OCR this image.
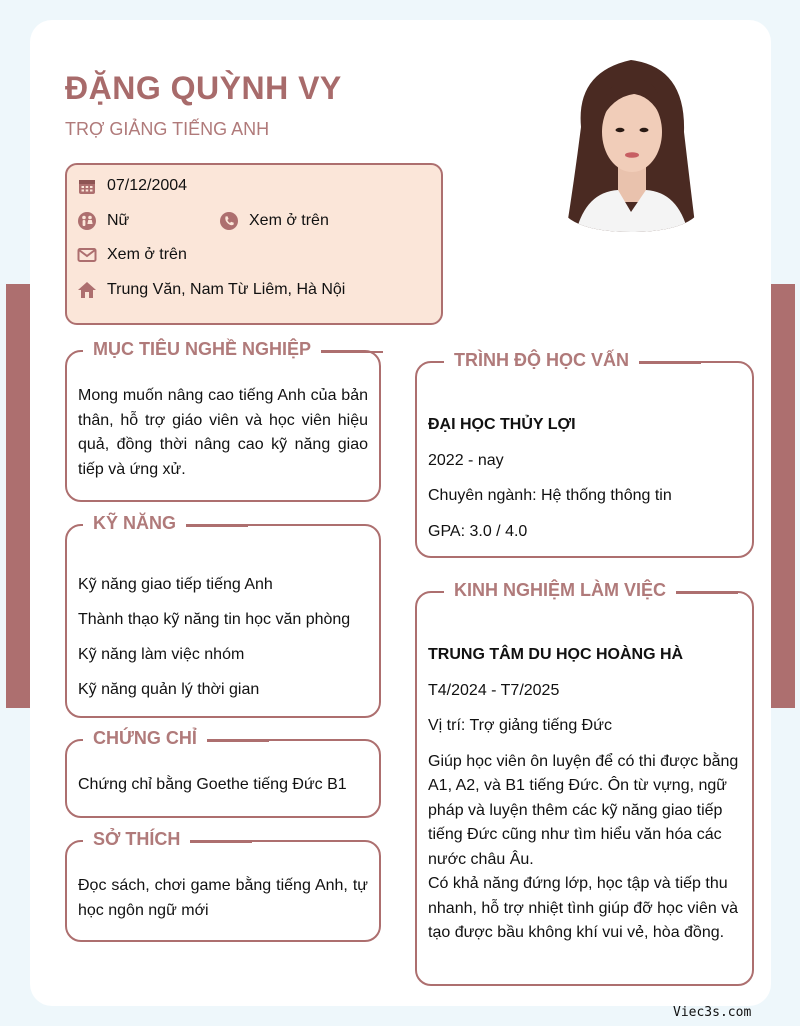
ĐẶNG QUỲNH VY
TRỢ GIẢNG TIẾNG ANH
07/12/2004
Nữ	Xem ở trên
Xem ở trên
Trung Văn, Nam Từ Liêm, Hà Nội
MỤC TIÊU NGHỀ NGHIỆP
Mong muốn nâng cao tiếng Anh của bản thân, hỗ trợ giáo viên và học viên hiệu quả, đồng thời nâng cao kỹ năng giao tiếp và ứng xử.
KỸ NĂNG
Kỹ năng giao tiếp tiếng Anh
Thành thạo kỹ năng tin học văn phòng
Kỹ năng làm việc nhóm
Kỹ năng quản lý thời gian
CHỨNG CHỈ
Chứng chỉ bằng Goethe tiếng Đức B1
SỞ THÍCH
Đọc sách, chơi game bằng tiếng Anh, tự học ngôn ngữ mới
TRÌNH ĐỘ HỌC VẤN
ĐẠI HỌC THỦY LỢI
2022 - nay
Chuyên ngành: Hệ thống thông tin
GPA: 3.0 / 4.0
KINH NGHIỆM LÀM VIỆC
TRUNG TÂM DU HỌC HOÀNG HÀ
T4/2024 - T7/2025
Vị trí: Trợ giảng tiếng Đức
Giúp học viên ôn luyện để có thi được bằng A1, A2, và B1 tiếng Đức. Ôn từ vựng, ngữ pháp và luyện thêm các kỹ năng giao tiếp tiếng Đức cũng như tìm hiểu văn hóa các nước châu Âu.
Có khả năng đứng lớp, học tập và tiếp thu nhanh, hỗ trợ nhiệt tình giúp đỡ học viên và tạo được bầu không khí vui vẻ, hòa đồng.
Viec3s.com
